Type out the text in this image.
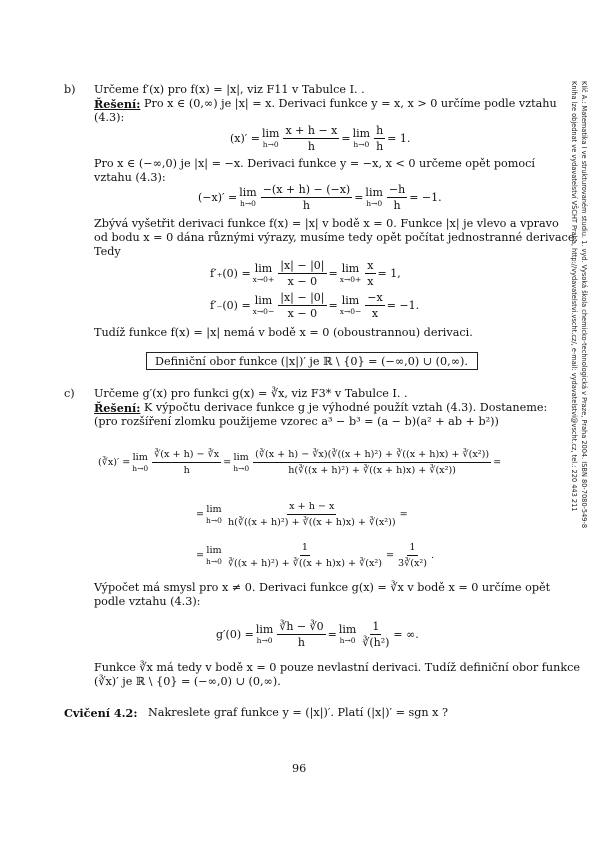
b) Určeme f′(x) pro f(x) = |x|, viz F11 v Tabulce I. .
Řešení: Pro x ∈ (0,∞) je |x| = x. Derivaci funkce y = x, x > 0 určíme podle vztahu
(4.3):
(x)′ = lim
$h\to 0 \frac{x + h - x}{h} = \lim$
$h\to 0 \frac{h}{h} = 1$.
Pro x ∈ (−∞,0) je |x| = −x. Derivaci funkce y = −x, x < 0 určeme opět pomocí
vztahu (4.3):
(−x)′ = lim
$h\to 0 \frac{-(x + h) - (-x)}{h} = \lim$
$h\to 0 \frac{-h}{h} = -1$.
Zbývá vyšetřit derivaci funkce f(x) = |x| v bodě x = 0. Funkce |x| je vlevo a vpravo
od bodu x = 0 dána různými výrazy, musíme tedy opět počítat jednostranné derivace.
Tedy
f′₊(0) = lim
$x\to 0+ \frac{|x| - |0|}{x - 0} = \lim$
$x\to 0+ \frac{x}{x} = 1$,
f′₋(0) = lim
$x\to 0- \frac{|x| - |0|}{x - 0} = \lim$
$x\to 0- \frac{-x}{x} = -1$.
Tudíž funkce f(x) = |x| nemá v bodě x = 0 (oboustrannou) derivaci.
Definiční obor funkce (|x|)′ je ℝ \ {0} = (−∞,0) ∪ (0,∞).
c) Určeme g′(x) pro funkci g(x) = ∛x, viz F3* v Tabulce I. .
Řešení: K výpočtu derivace funkce g je výhodné použít vztah (4.3). Dostaneme:
(pro rozšíření zlomku použijeme vzorec a³ − b³ = (a − b)(a² + ab + b²))
(∛x)′ = lim
$h\to 0 \frac{∛(x + h) - ∛x}{h} = \lim$
$h\to 0 \frac{\text{(∛(x + h) − ∛x)(∛((x + h)²) + ∛((x + h)x) + ∛(x²))}}{\text{h(∛((x + h)²) + ∛((x + h)x) + ∛(x²))}}$ =
= lim
$h\to 0 \frac{x + h - x}{\text{h(∛((x + h)²) + ∛((x + h)x) + ∛(x²))}}$ =
= lim
$h\to 0 \frac{1}{\text{∛((x + h)²) + ∛((x + h)x) + ∛(x²)}} = \frac{1}{\text{3∛(x²)}}$ .
Výpočet má smysl pro x ≠ 0. Derivaci funkce g(x) = ∛x v bodě x = 0 určíme opět
podle vztahu (4.3):
g′(0) = lim
$h\to 0 \frac{∛h - ∛0}{h} = \lim$
$h\to 0 \frac{1}{\text{∛(h²)}}$ = ∞.
Funkce ∛x má tedy v bodě x = 0 pouze nevlastní derivaci. Tudíž definiční obor funkce
(∛x)′ je ℝ \ {0} = (−∞,0) ∪ (0,∞).
Cvičení 4.2: Nakreslete graf funkce y = (|x|)′. Platí (|x|)′ = sgn x ?
96
Klíč A.: Matematika I ve strukturovaném studiu. 1. vyd. Vysoká škola chemicko-technologická v Praze, Praha 2004. ISBN 80-7080-549-8
Kniha lze objednat ve vydavatelství VŠCHT Praha, http://vydavatelstvi.vscht.cz/, e-mail: vydavatelstvi@vscht.cz, tel.: 220 443 211
